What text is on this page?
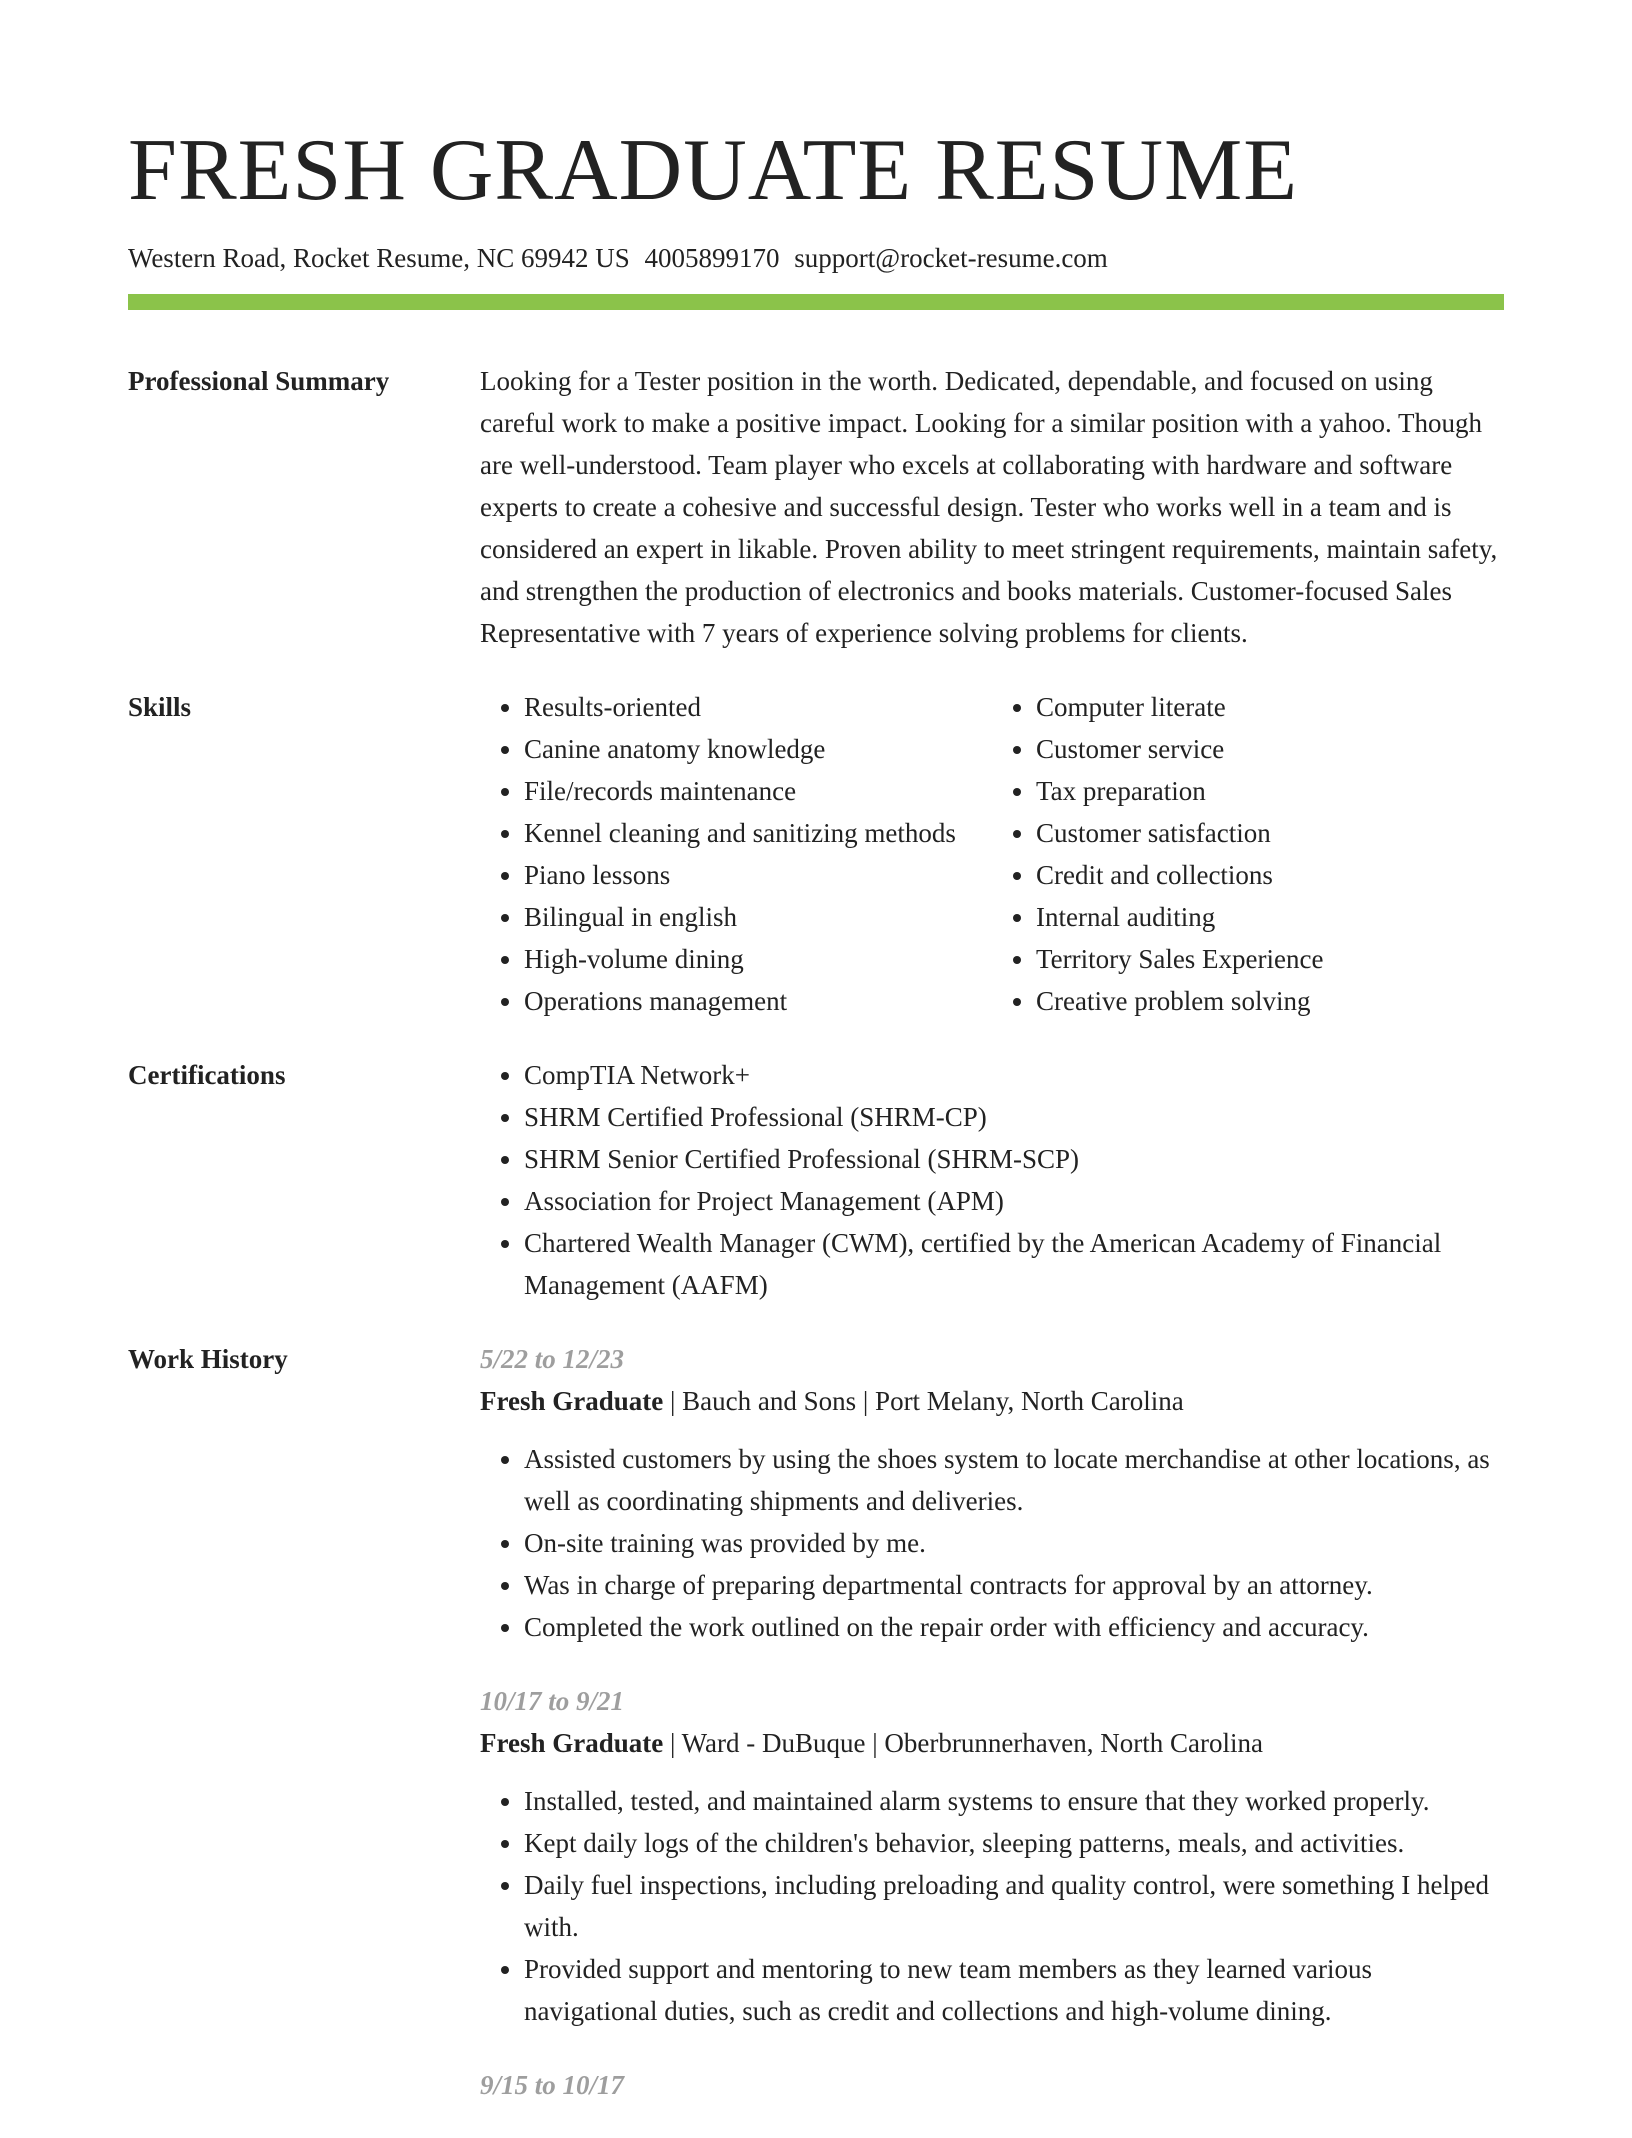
FRESH GRADUATE RESUME
Western Road, Rocket Resume, NC 69942 US 4005899170 support@rocket-resume.com
Professional Summary	Looking for a Tester position in the worth. Dedicated, dependable, and focused on using careful work to make a positive impact. Looking for a similar position with a yahoo. Though are well-understood. Team player who excels at collaborating with hardware and software experts to create a cohesive and successful design. Tester who works well in a team and is considered an expert in likable. Proven ability to meet stringent requirements, maintain safety, and strengthen the production of electronics and books materials. Customer-focused Sales Representative with 7 years of experience solving problems for clients.

Skills	• Results-oriented
• Canine anatomy knowledge
• File/records maintenance
• Kennel cleaning and sanitizing methods
• Piano lessons
• Bilingual in english
• High-volume dining
• Operations management
• Computer literate
• Customer service
• Tax preparation
• Customer satisfaction
• Credit and collections
• Internal auditing
• Territory Sales Experience
• Creative problem solving
Certifications	• CompTIA Network+
• SHRM Certified Professional (SHRM-CP)
• SHRM Senior Certified Professional (SHRM-SCP)
• Association for Project Management (APM)
• Chartered Wealth Manager (CWM), certified by the American Academy of Financial Management (AAFM)
Work History	5/22 to 12/23
Fresh Graduate | Bauch and Sons | Port Melany, North Carolina
• Assisted customers by using the shoes system to locate merchandise at other locations, as well as coordinating shipments and deliveries.
• On-site training was provided by me.
• Was in charge of preparing departmental contracts for approval by an attorney.
• Completed the work outlined on the repair order with efficiency and accuracy.
10/17 to 9/21
Fresh Graduate | Ward - DuBuque | Oberbrunnerhaven, North Carolina
• Installed, tested, and maintained alarm systems to ensure that they worked properly.
• Kept daily logs of the children's behavior, sleeping patterns, meals, and activities.
• Daily fuel inspections, including preloading and quality control, were something I helped with.
• Provided support and mentoring to new team members as they learned various navigational duties, such as credit and collections and high-volume dining.
9/15 to 10/17
